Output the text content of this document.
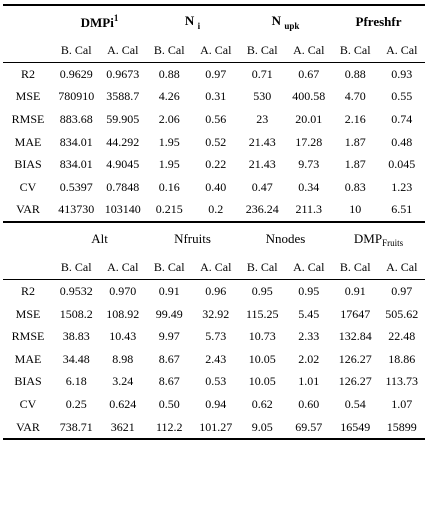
	DMPi$^1$		N $_i$		N $_{upk}$		Pfreshfr	
	B. Cal	A. Cal	B. Cal	A. Cal	B. Cal	A. Cal	B. Cal	A. Cal
R2	0.9629	0.9673	0.88	0.97	0.71	0.67	0.88	0.93
MSE	780910	3588.7	4.26	0.31	530	400.58	4.70	0.55
RMSE	883.68	59.905	2.06	0.56	23	20.01	2.16	0.74
MAE	834.01	44.292	1.95	0.52	21.43	17.28	1.87	0.48
BIAS	834.01	4.9045	1.95	0.22	21.43	9.73	1.87	0.045
CV	0.5397	0.7848	0.16	0.40	0.47	0.34	0.83	1.23
VAR	413730	103140	0.215	0.2	236.24	211.3	10	6.51
	Alt		Nfruits		Nnodes		$DMP_{Fruits}$
	B. Cal	A. Cal	B. Cal	A. Cal	B. Cal	A. Cal	B. Cal	A. Cal
R2	0.9532	0.970	0.91	0.96	0.95	0.95	0.91	0.97
MSE	1508.2	108.92	99.49	32.92	115.25	5.45	17647	505.62
RMSE	38.83	10.43	9.97	5.73	10.73	2.33	132.84	22.48
MAE	34.48	8.98	8.67	2.43	10.05	2.02	126.27	18.86
BIAS	6.18	3.24	8.67	0.53	10.05	1.01	126.27	113.73
CV	0.25	0.624	0.50	0.94	0.62	0.60	0.54	1.07
VAR	738.71	3621	112.2	101.27	9.05	69.57	16549	15899
